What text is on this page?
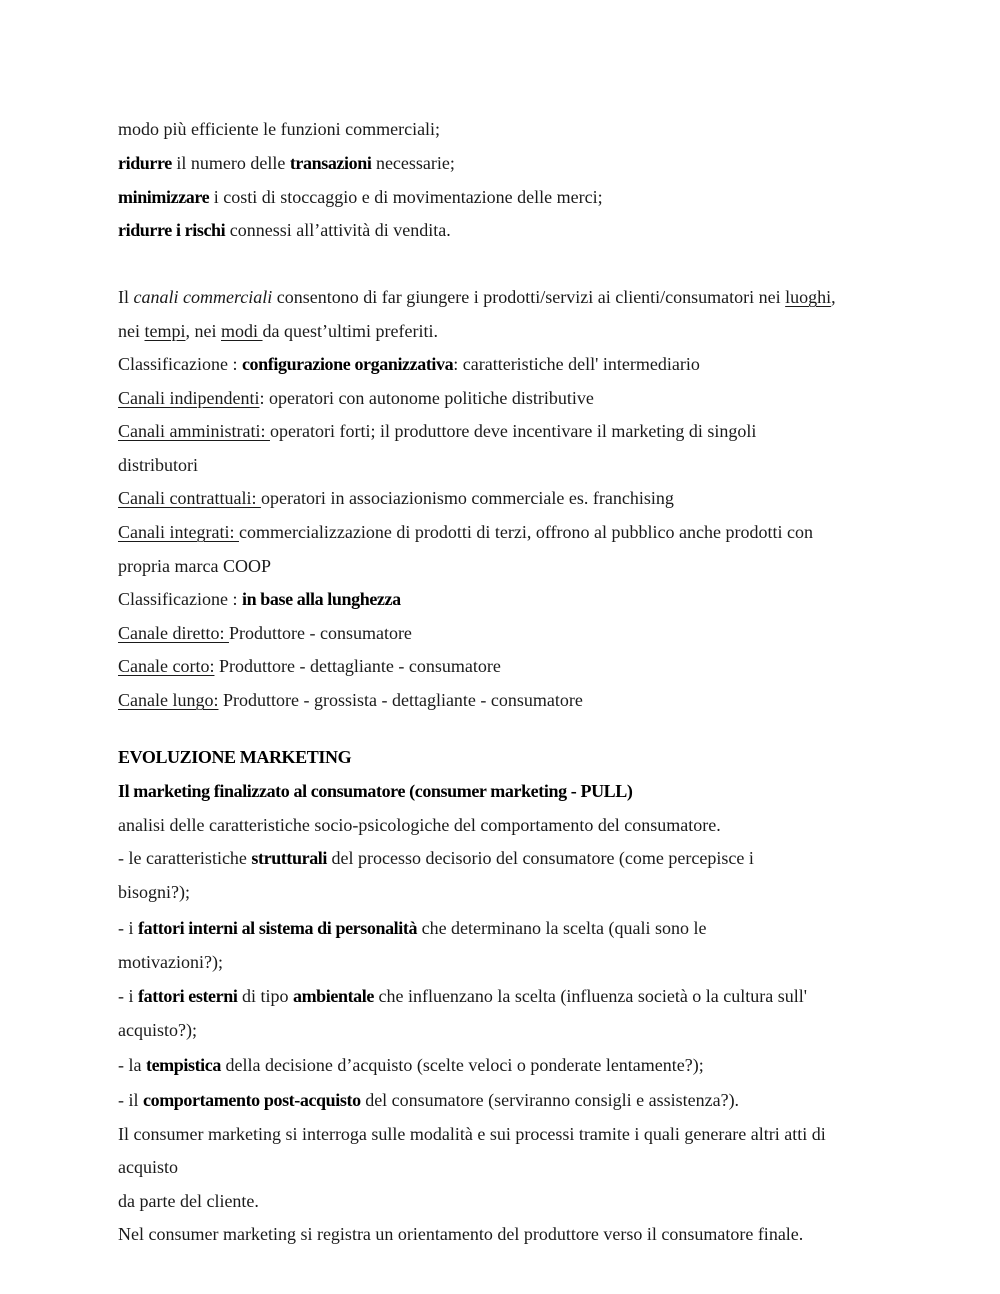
modo più efficiente le funzioni commerciali;
ridurre il numero delle transazioni necessarie;
minimizzare i costi di stoccaggio e di movimentazione delle merci;
ridurre i rischi connessi all’attività di vendita.
Il canali commerciali consentono di far giungere i prodotti/servizi ai clienti/consumatori nei luoghi,
nei tempi, nei modi da quest’ultimi preferiti.
Classificazione : configurazione organizzativa: caratteristiche dell' intermediario
Canali indipendenti: operatori con autonome politiche distributive
Canali amministrati: operatori forti; il produttore deve incentivare il marketing di singoli
distributori
Canali contrattuali: operatori in associazionismo commerciale es. franchising
Canali integrati: commercializzazione di prodotti di terzi, offrono al pubblico anche prodotti con
propria marca COOP
Classificazione : in base alla lunghezza
Canale diretto: Produttore - consumatore
Canale corto: Produttore - dettagliante - consumatore
Canale lungo: Produttore - grossista - dettagliante - consumatore
EVOLUZIONE MARKETING
Il marketing finalizzato al consumatore (consumer marketing - PULL)
analisi delle caratteristiche socio-psicologiche del comportamento del consumatore.
- le caratteristiche strutturali del processo decisorio del consumatore (come percepisce i
bisogni?);
- i fattori interni al sistema di personalità che determinano la scelta (quali sono le
motivazioni?);
- i fattori esterni di tipo ambientale che influenzano la scelta (influenza società o la cultura sull'
acquisto?);
- la tempistica della decisione d’acquisto (scelte veloci o ponderate lentamente?);
- il comportamento post-acquisto del consumatore (serviranno consigli e assistenza?).
Il consumer marketing si interroga sulle modalità e sui processi tramite i quali generare altri atti di
acquisto
da parte del cliente.
Nel consumer marketing si registra un orientamento del produttore verso il consumatore finale.
